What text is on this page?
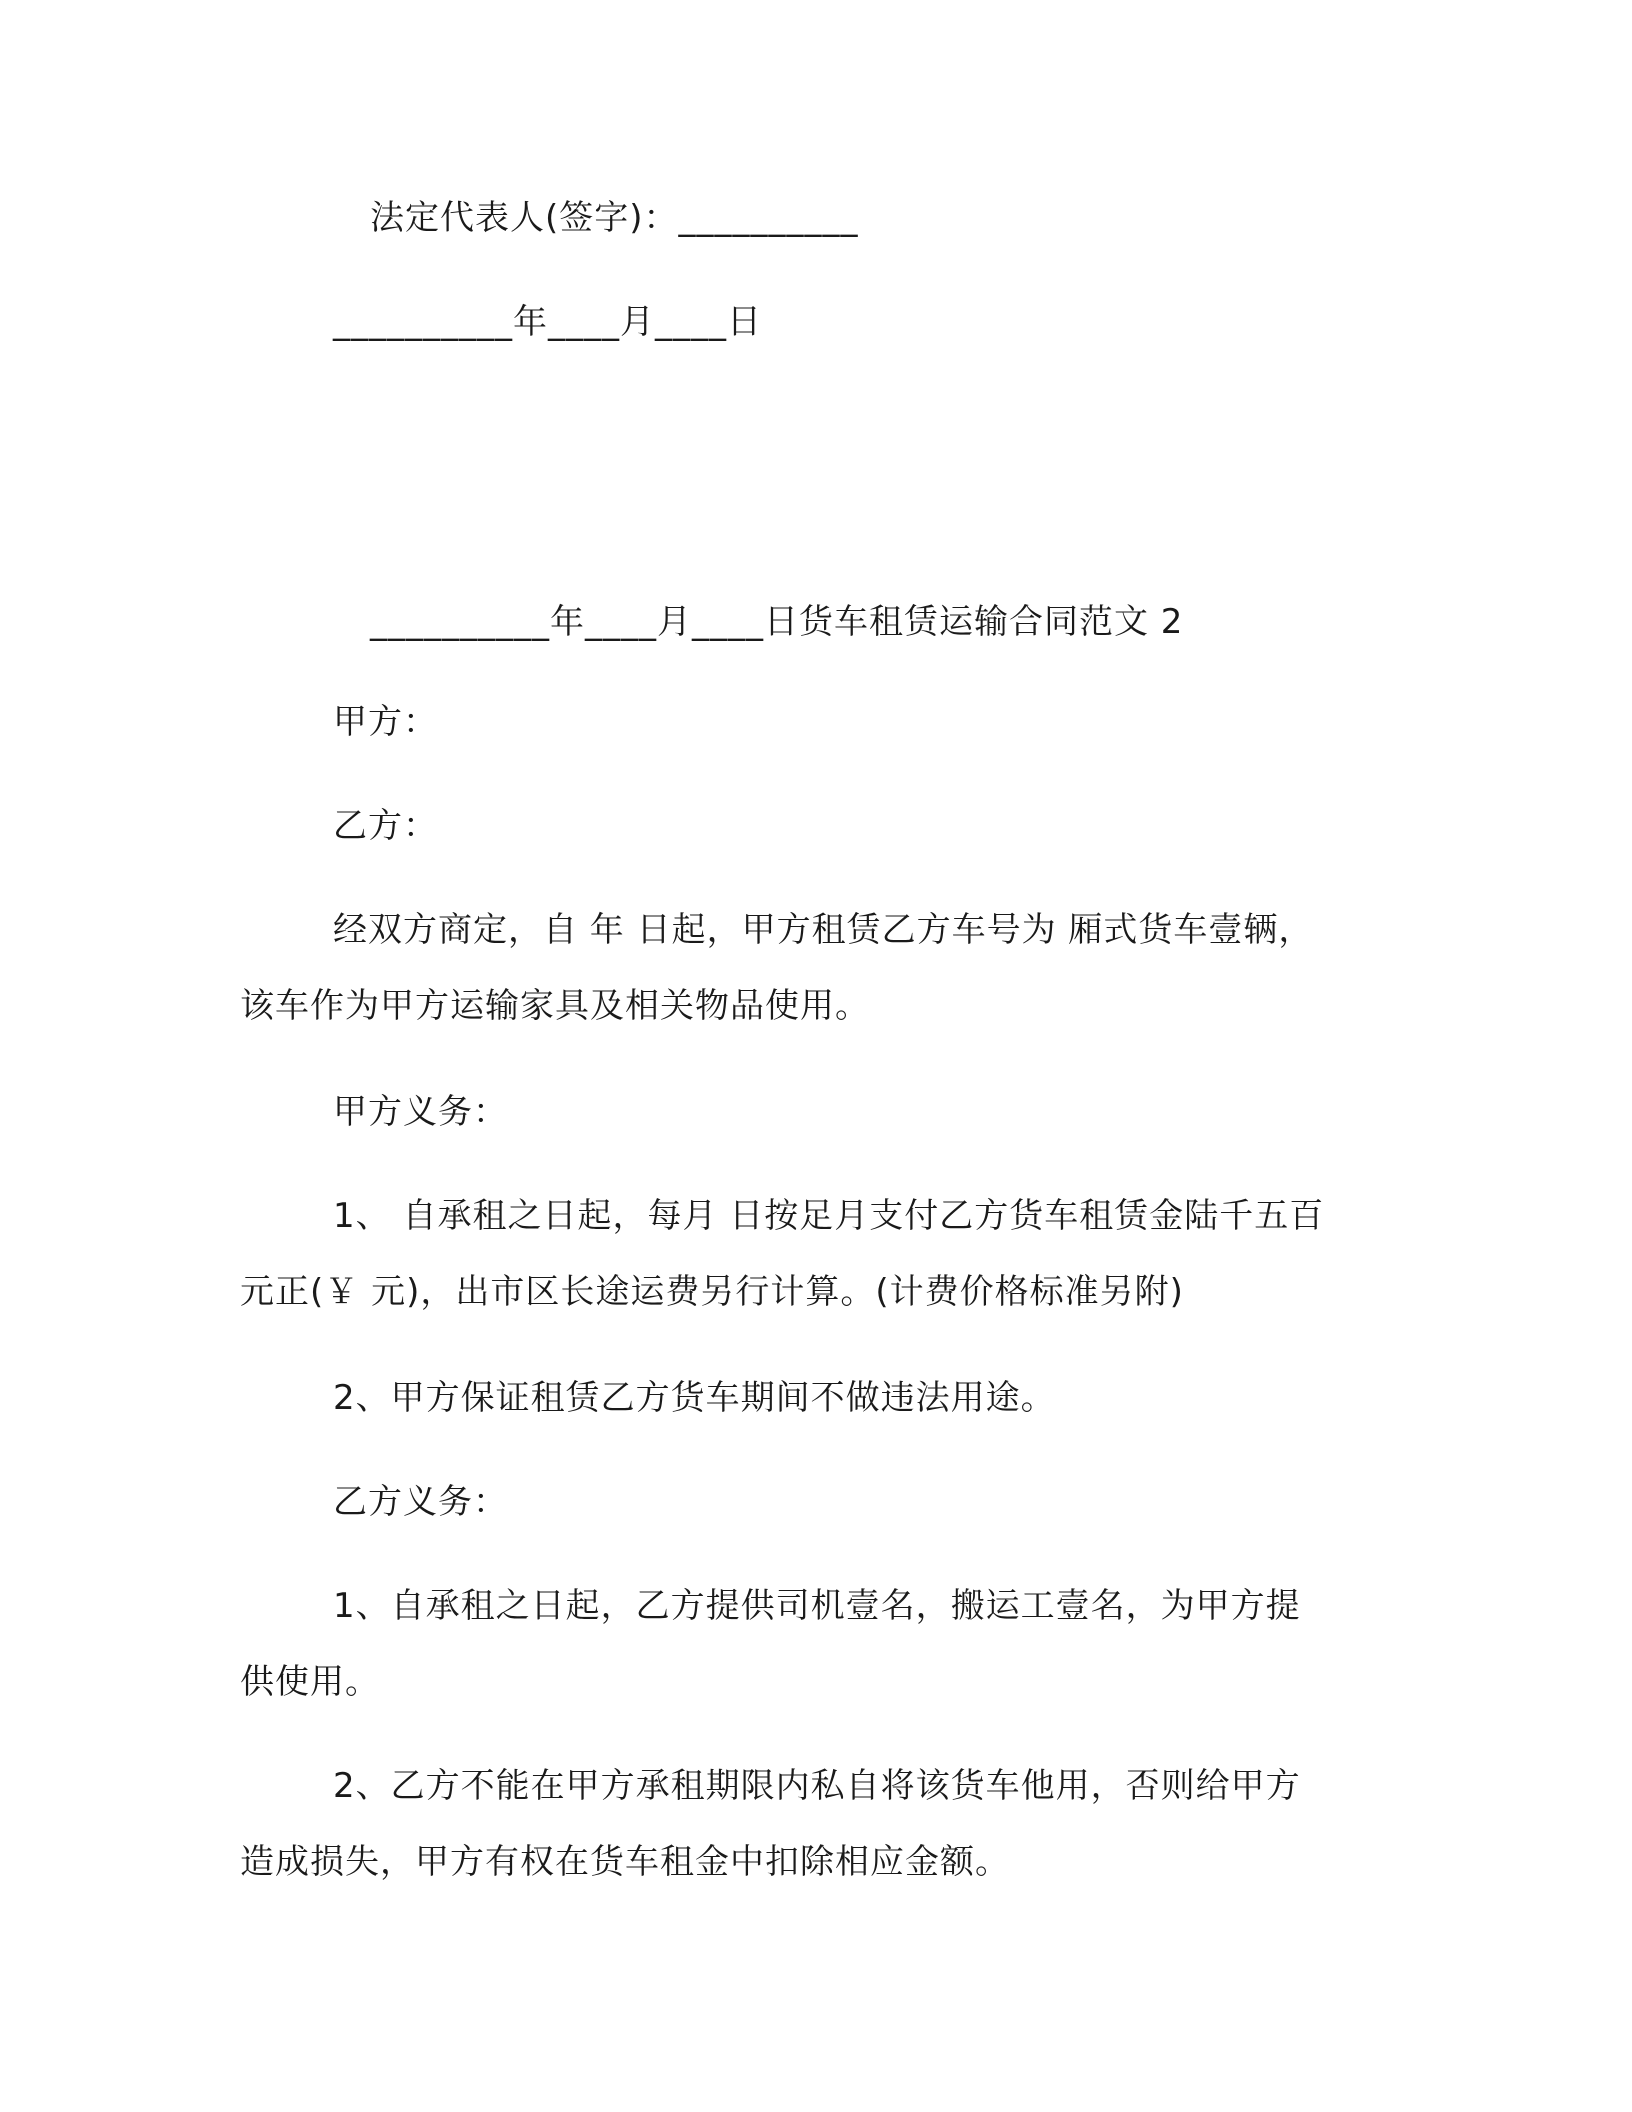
法定代表人(签字)：__________
__________年____月____日
__________年____月____日货车租赁运输合同范文 2
甲方：
乙方：
经双方商定，自 年 日起，甲方租赁乙方车号为 厢式货车壹辆，
该车作为甲方运输家具及相关物品使用。
甲方义务：
1、 自承租之日起，每月 日按足月支付乙方货车租赁金陆千五百
元正(￥ 元)，出市区长途运费另行计算。(计费价格标准另附)
2、甲方保证租赁乙方货车期间不做违法用途。
乙方义务：
1、自承租之日起，乙方提供司机壹名，搬运工壹名，为甲方提
供使用。
2、乙方不能在甲方承租期限内私自将该货车他用，否则给甲方
造成损失，甲方有权在货车租金中扣除相应金额。
